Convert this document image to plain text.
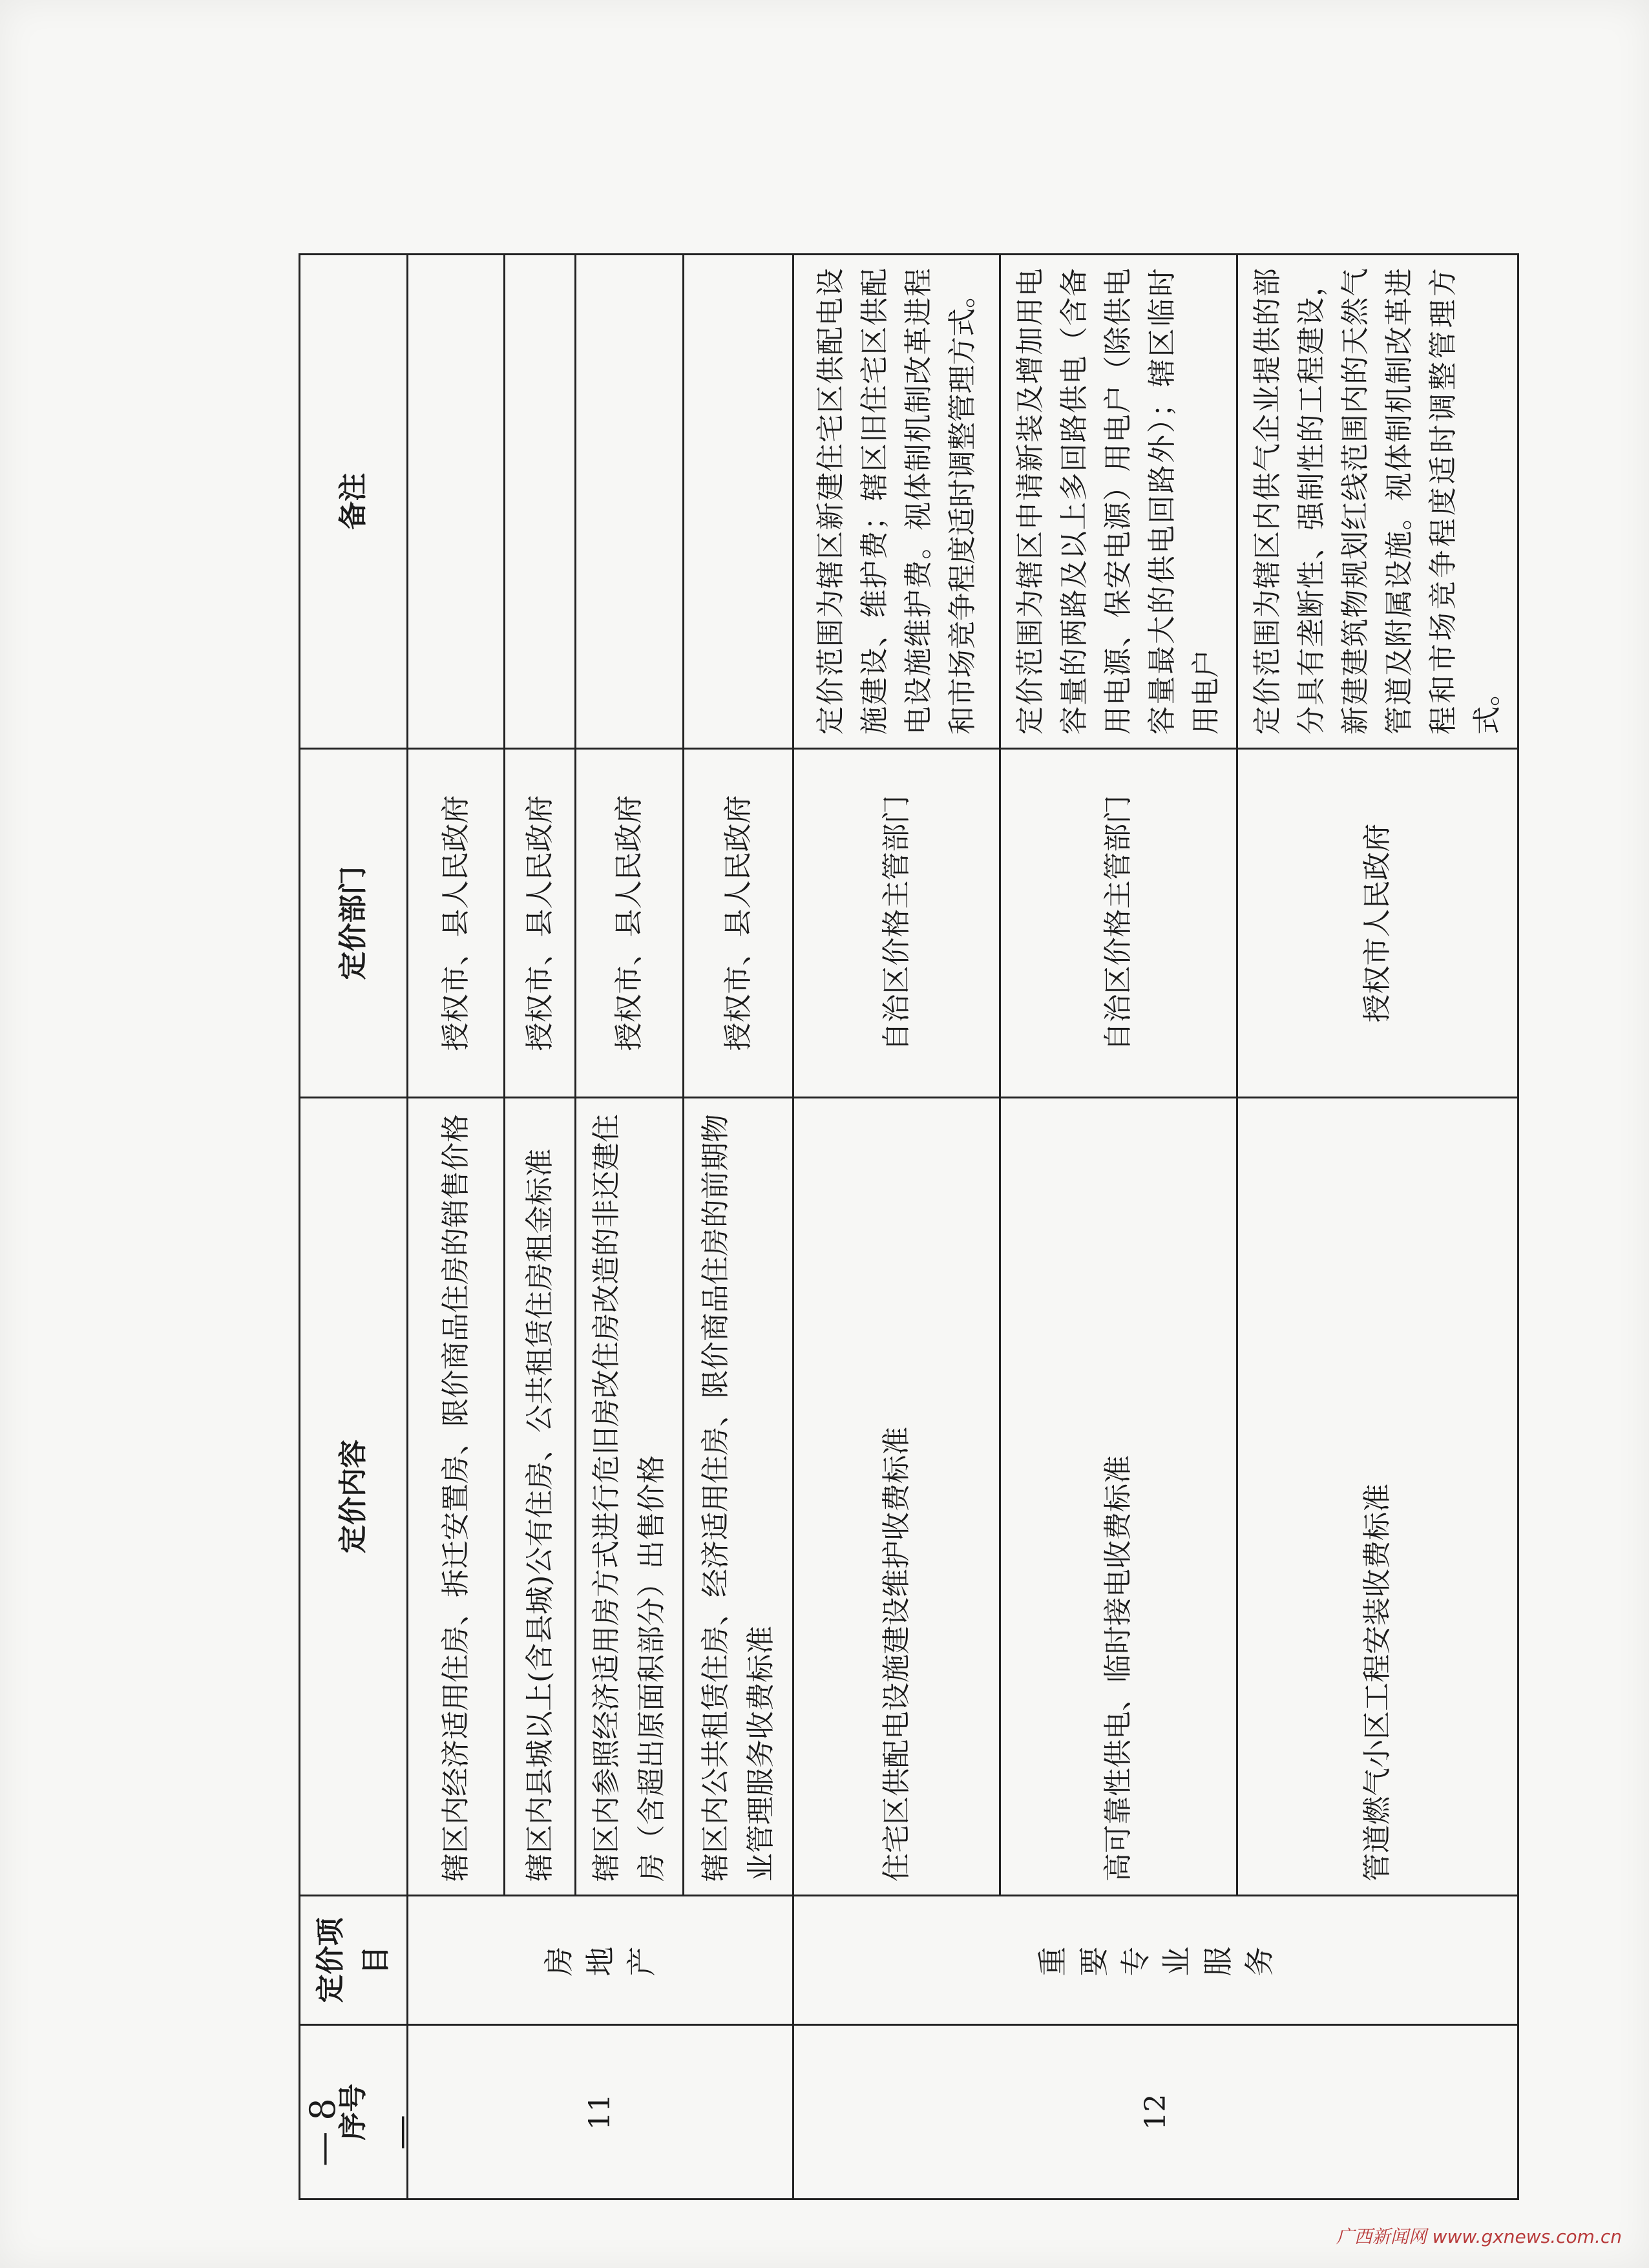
序号	定价项目	定价内容	定价部门	备注
11	房地产	辖区内经济适用住房、拆迁安置房、限价商品住房的销售价格	授权市、县人民政府	
		辖区内县城以上(含县城)公有住房、公共租赁住房租金标准	授权市、县人民政府	
		辖区内参照经济适用房方式进行危旧房改住房改造的非还建住房（含超出原面积部分）出售价格	授权市、县人民政府	
		辖区内公共租赁住房、经济适用住房、限价商品住房的前期物业管理服务收费标准	授权市、县人民政府	
12	重要专业服务	住宅区供配电设施建设维护收费标准	自治区价格主管部门	定价范围为辖区新建住宅区供配电设施建设、维护费；辖区旧住宅区供配电设施维护费。视体制机制改革进程和市场竞争程度适时调整管理方式。
		高可靠性供电、临时接电收费标准	自治区价格主管部门	定价范围为辖区申请新装及增加用电容量的两路及以上多回路供电（含备用电源、保安电源）用电户（除供电容量最大的供电回路外）；辖区临时用电户
		管道燃气小区工程安装收费标准	授权市人民政府	定价范围为辖区内供气企业提供的部分具有垄断性、强制性的工程建设，新建建筑物规划红线范围内的天然气管道及附属设施。视体制机制改革进程和市场竞争程度适时调整管理方式。
— 8 —
广西新闻网 www.gxnews.com.cn
